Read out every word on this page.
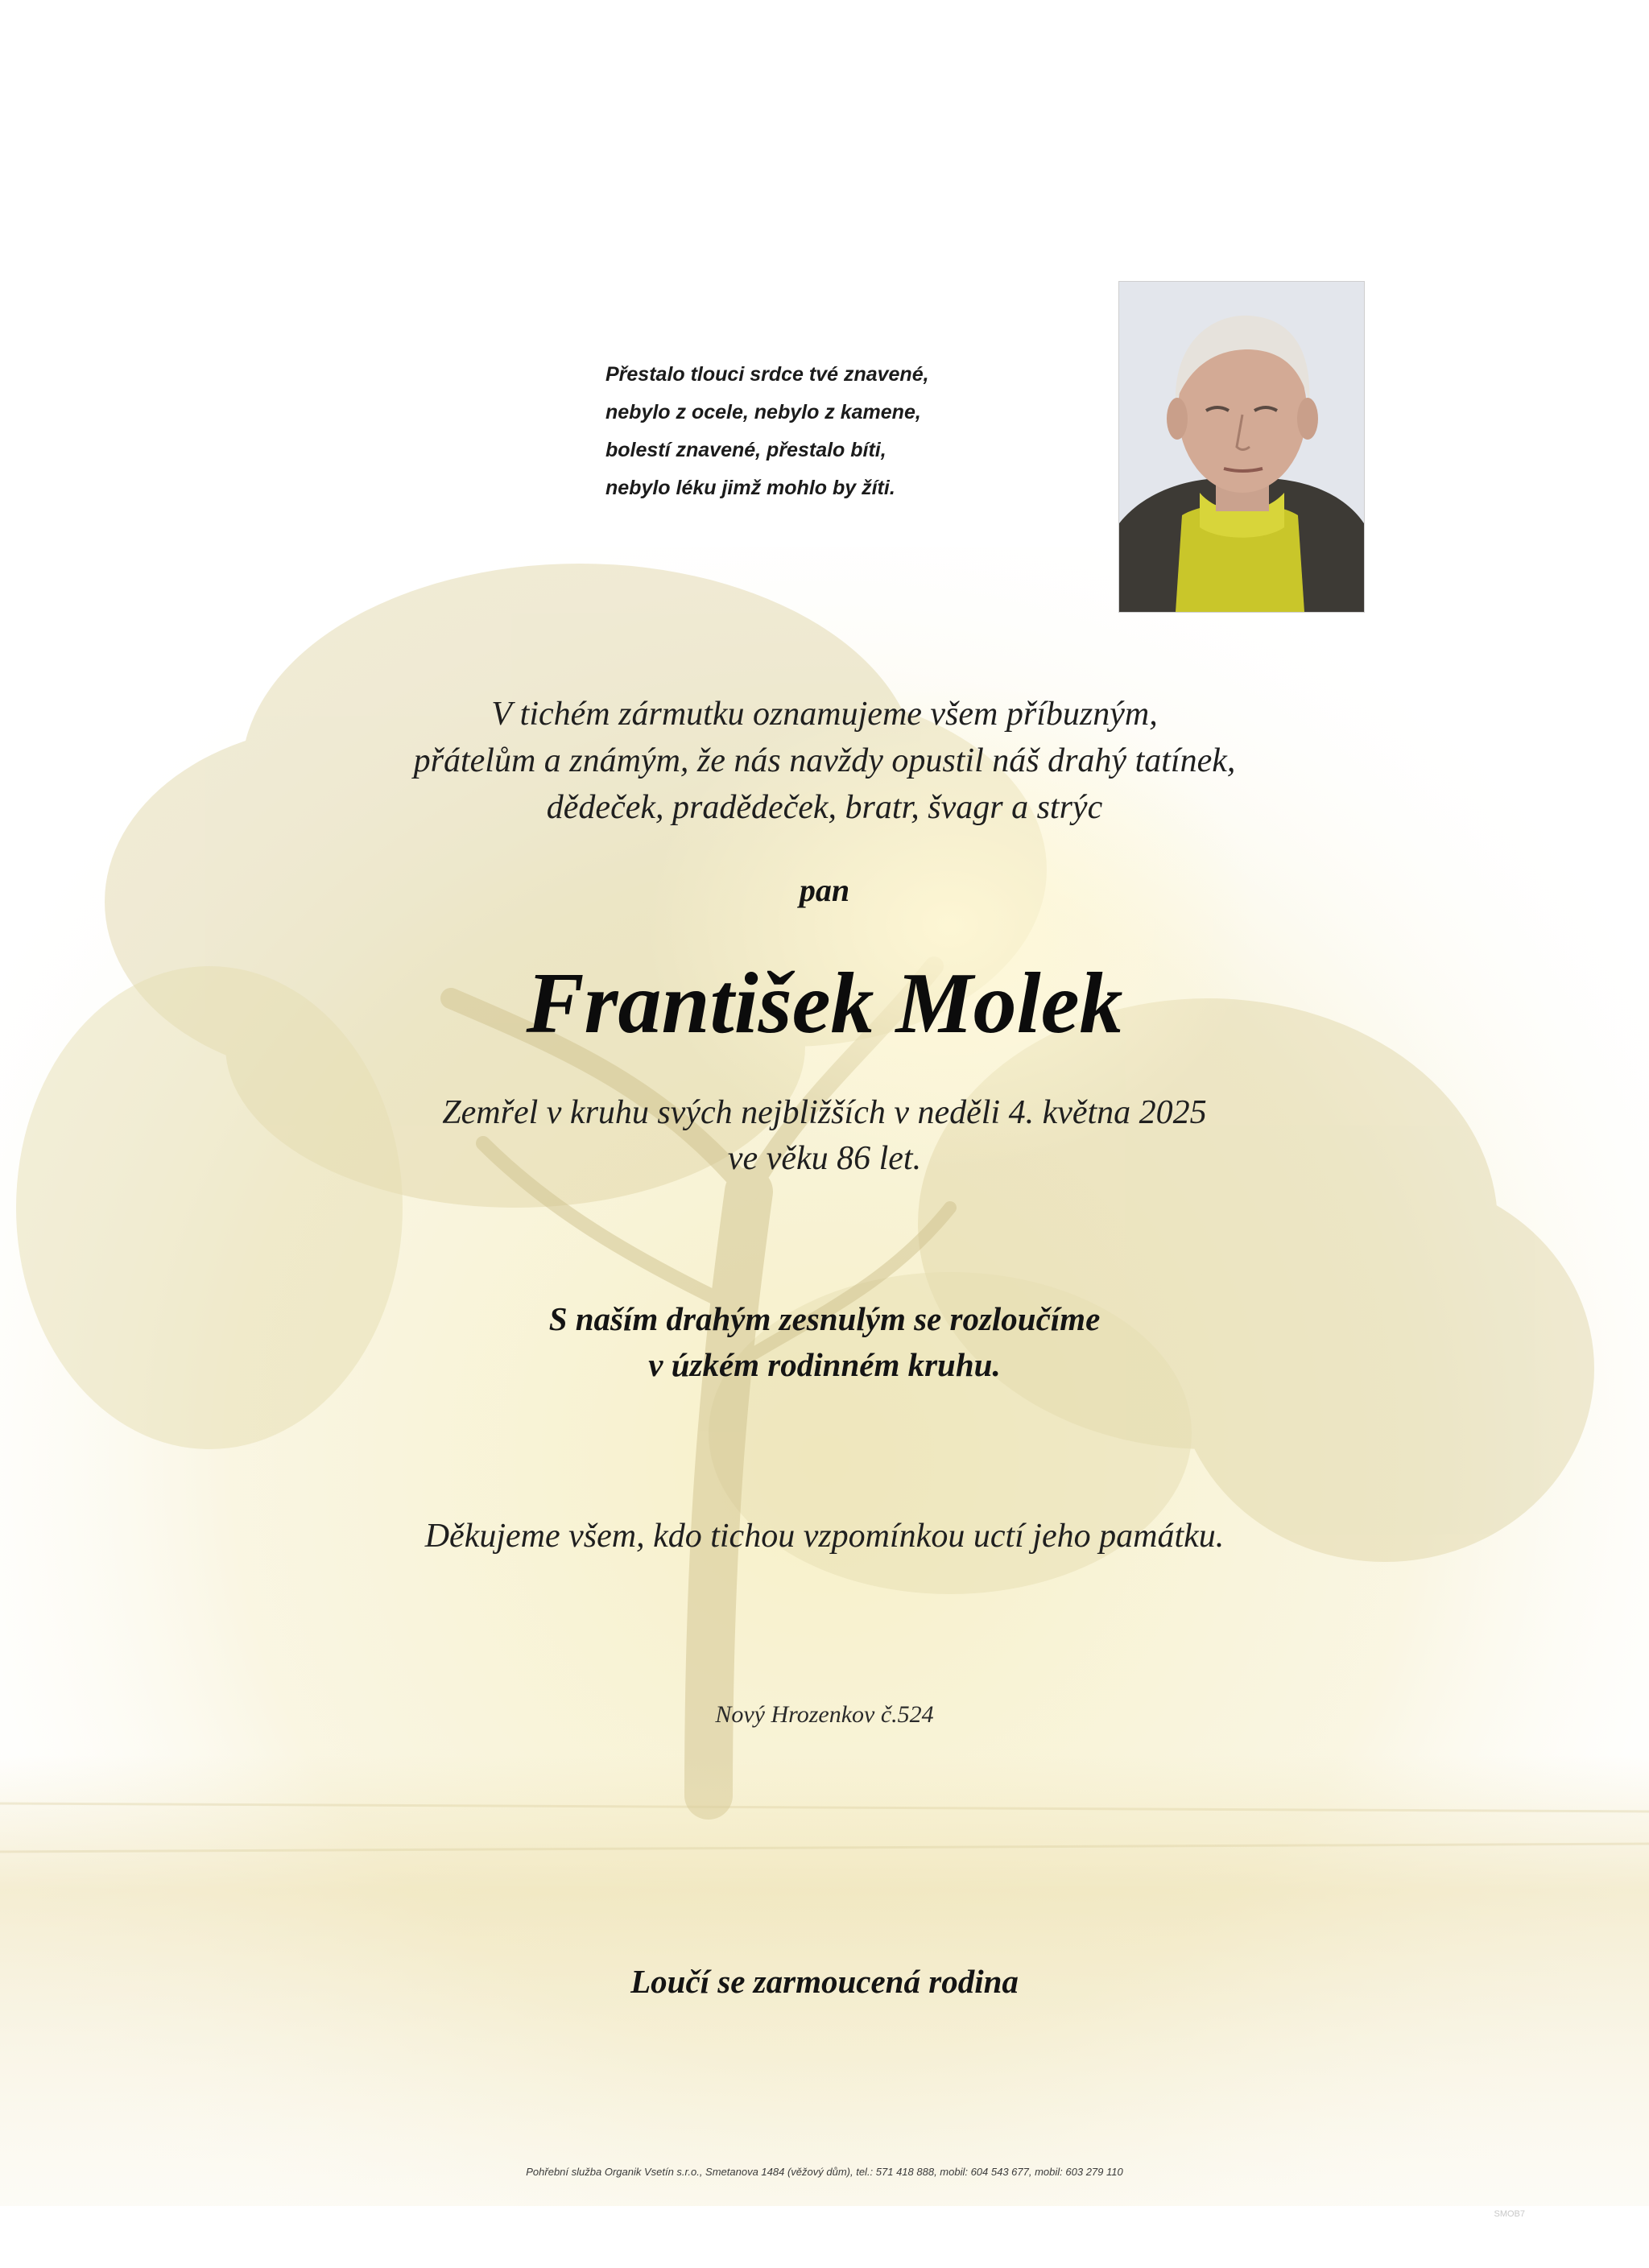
Přestalo tlouci srdce tvé znavené,
nebylo z ocele, nebylo z kamene,
bolestí znavené, přestalo bíti,
nebylo léku jimž mohlo by žíti.
V tichém zármutku oznamujeme všem příbuzným,
přátelům a známým, že nás navždy opustil náš drahý tatínek,
dědeček, pradědeček, bratr, švagr a strýc
pan
František Molek
Zemřel v kruhu svých nejbližších v neděli 4. května 2025
ve věku 86 let.
S naším drahým zesnulým se rozloučíme
v úzkém rodinném kruhu.
Děkujeme všem, kdo tichou vzpomínkou uctí jeho památku.
Nový Hrozenkov č.524
Loučí se zarmoucená rodina
Pohřební služba Organik Vsetín s.r.o., Smetanova 1484 (věžový dům), tel.: 571 418 888, mobil: 604 543 677, mobil: 603 279 110
SMOB7
